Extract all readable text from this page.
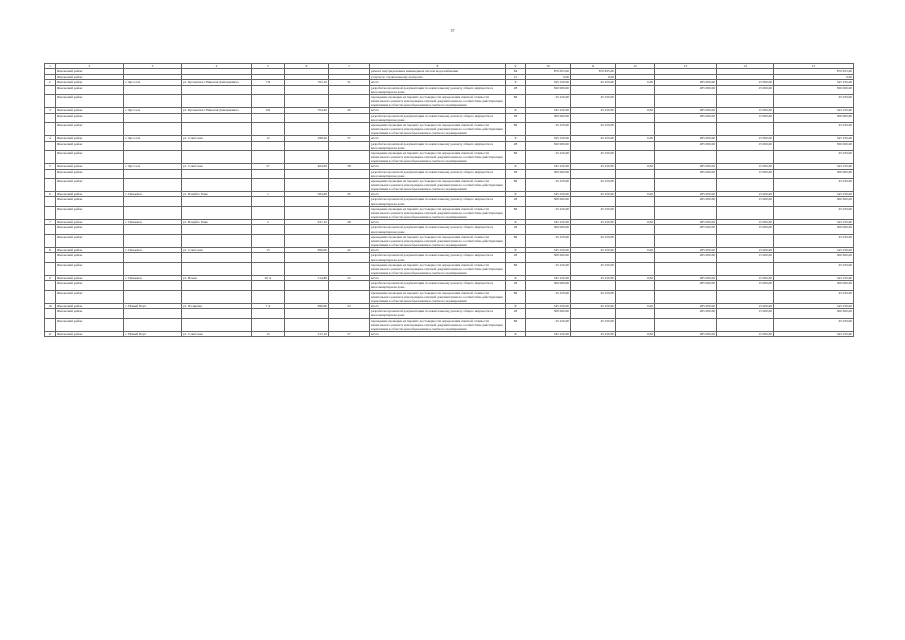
37
1	2	3	4	5	6	7	8	9	10	11	12	13	14	15
	Ямальский район						ремонт внутридомовых инженерных систем водоснабжения	84	870 655,00	870 655,00				870 655,00
	Ямальский район						услуги по строительному контролю	21	0,00	0,00				0,00
2	Ямальский район	с. Яр-Сале	ул. Кугаевского Николая Дмитриевича	7 Б	702,10	31	итого	X	345 250,00	45 250,00	0,00	285 000,00	15 000,00	345 250,00
	Ямальский район						разработка проектной документации по капитальному ремонту общего имущества в многоквартирном доме	28	300 000,00			285 000,00	15 000,00	300 000,00
	Ямальский район						проведение проверки на предмет достоверности определения сметной стоимости капитального ремонта или проверка сметной документации на соответствие действующим нормативам в области ценообразования в сметного нормирования	86	45 250,00	45 250,00				45 250,00
3	Ямальский район	с. Яр-Сале	ул. Кугаевского Николая Дмитриевича	9 Б	704,20	26	итого	X	345 250,00	45 250,00	0,00	285 000,00	15 000,00	345 250,00
	Ямальский район						разработка проектной документации по капитальному ремонту общего имущества в многоквартирном доме	28	300 000,00			285 000,00	15 000,00	300 000,00
	Ямальский район						проведение проверки на предмет достоверности определения сметной стоимости капитального ремонта или проверка сметной документации на соответствие действующим нормативам в области ценообразования в сметного нормирования	86	45 250,00	45 250,00				45 250,00
4	Ямальский район	с. Яр-Сале	ул. Советская	12	298,20	37	итого	X	345 250,00	45 250,00	0,00	285 000,00	15 000,00	345 250,00
	Ямальский район						разработка проектной документации по капитальному ремонту общего имущества в многоквартирном доме	28	300 000,00			285 000,00	15 000,00	300 000,00
	Ямальский район						проведение проверки на предмет достоверности определения сметной стоимости капитального ремонта или проверка сметной документации на соответствие действующим нормативам в области ценообразования в сметного нормирования	86	45 250,00	45 250,00				45 250,00
5	Ямальский район	с. Яр-Сале	ул. Советская	27	464,00	38	итого	X	345 250,00	45 250,00	0,00	285 000,00	15 000,00	345 250,00
	Ямальский район						разработка проектной документации по капитальному ремонту общего имущества в многоквартирном доме	28	300 000,00			285 000,00	15 000,00	300 000,00
	Ямальский район						проведение проверки на предмет достоверности определения сметной стоимости капитального ремонта или проверка сметной документации на соответствие действующим нормативам в области ценообразования в сметного нормирования	86	45 250,00	45 250,00				45 250,00
6	Ямальский район	с. Панаевск	ул. Вануйто Енко	1	584,60	45	итого	X	345 250,00	45 250,00	0,00	285 000,00	15 000,00	345 250,00
	Ямальский район						разработка проектной документации по капитальному ремонту общего имущества в многоквартирном доме	28	300 000,00			285 000,00	15 000,00	300 000,00
	Ямальский район						проведение проверки на предмет достоверности определения сметной стоимости капитального ремонта или проверка сметной документации на соответствие действующим нормативам в области ценообразования в сметного нормирования	86	45 250,00	45 250,00				45 250,00
7	Ямальский район	с. Панаевск	ул. Вануйто Енко	2	631,10	28	итого	X	345 250,00	45 250,00	0,00	285 000,00	15 000,00	345 250,00
	Ямальский район						разработка проектной документации по капитальному ремонту общего имущества в многоквартирном доме	28	300 000,00			285 000,00	15 000,00	300 000,00
	Ямальский район						проведение проверки на предмет достоверности определения сметной стоимости капитального ремонта или проверка сметной документации на соответствие действующим нормативам в области ценообразования в сметного нормирования	86	45 250,00	45 250,00				45 250,00
8	Ямальский район	с. Панаевск	ул. Советская	15	699,00	42	итого	X	345 250,00	45 250,00	0,00	285 000,00	15 000,00	345 250,00
	Ямальский район						разработка проектной документации по капитальному ремонту общего имущества в многоквартирном доме	28	300 000,00			285 000,00	15 000,00	300 000,00
	Ямальский район						проведение проверки на предмет достоверности определения сметной стоимости капитального ремонта или проверка сметной документации на соответствие действующим нормативам в области ценообразования в сметного нормирования	86	45 250,00	45 250,00				45 250,00
9	Ямальский район	с. Панаевск	ул. Новая	20 А	514,80	22	итого	X	345 250,00	45 250,00	0,00	285 000,00	15 000,00	345 250,00
	Ямальский район						разработка проектной документации по капитальному ремонту общего имущества в многоквартирном доме	28	300 000,00			285 000,00	15 000,00	300 000,00
	Ямальский район						проведение проверки на предмет достоверности определения сметной стоимости капитального ремонта или проверка сметной документации на соответствие действующим нормативам в области ценообразования в сметного нормирования	86	45 250,00	45 250,00				45 250,00
10	Ямальский район	с. Новый Порт	ул. Полярная	7 А	696,60	43	итого	X	345 250,00	45 250,00	0,00	285 000,00	15 000,00	345 250,00
	Ямальский район						разработка проектной документации по капитальному ремонту общего имущества в многоквартирном доме	28	300 000,00			285 000,00	15 000,00	300 000,00
	Ямальский район						проведение проверки на предмет достоверности определения сметной стоимости капитального ремонта или проверка сметной документации на соответствие действующим нормативам в области ценообразования в сметного нормирования	86	45 250,00	45 250,00				45 250,00
11	Ямальский район	с. Новый Порт	ул. Советская	15	315,10	27	итого	X	345 250,00	45 250,00	0,00	285 000,00	15 000,00	345 250,00
